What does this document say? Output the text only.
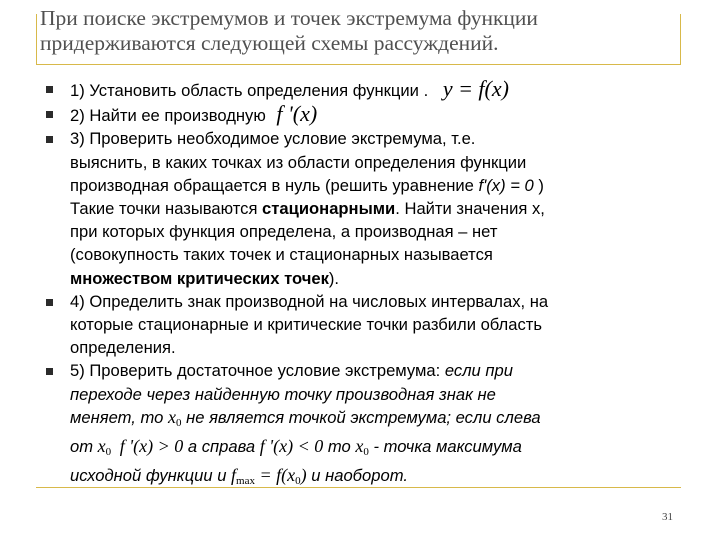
При поиске экстремумов и точек экстремума функции
придерживаются следующей схемы рассуждений.
1) Установить область определения функции . y = f(x)
2) Найти ее производную f '(x)
3) Проверить необходимое условие экстремума, т.е.
выяснить, в каких точках из области определения функции
производная обращается в нуль (решить уравнение f'(x) = 0 )
Такие точки называются стационарными. Найти значения x,
при которых функция определена, а производная – нет
(совокупность таких точек и стационарных называется
множеством критических точек).
4) Определить знак производной на числовых интервалах, на
которые стационарные и критические точки разбили область
определения.
5) Проверить достаточное условие экстремума: если при
переходе через найденную точку производная знак не
меняет, то $x_0$ не является точкой экстремума; если слева
от $x_0$ f '(x) > 0 а справа f '(x) < 0 то $x_0$ - точка максимума
исходной функции и $f_{max} = f(x_0)$ и наоборот.
31
